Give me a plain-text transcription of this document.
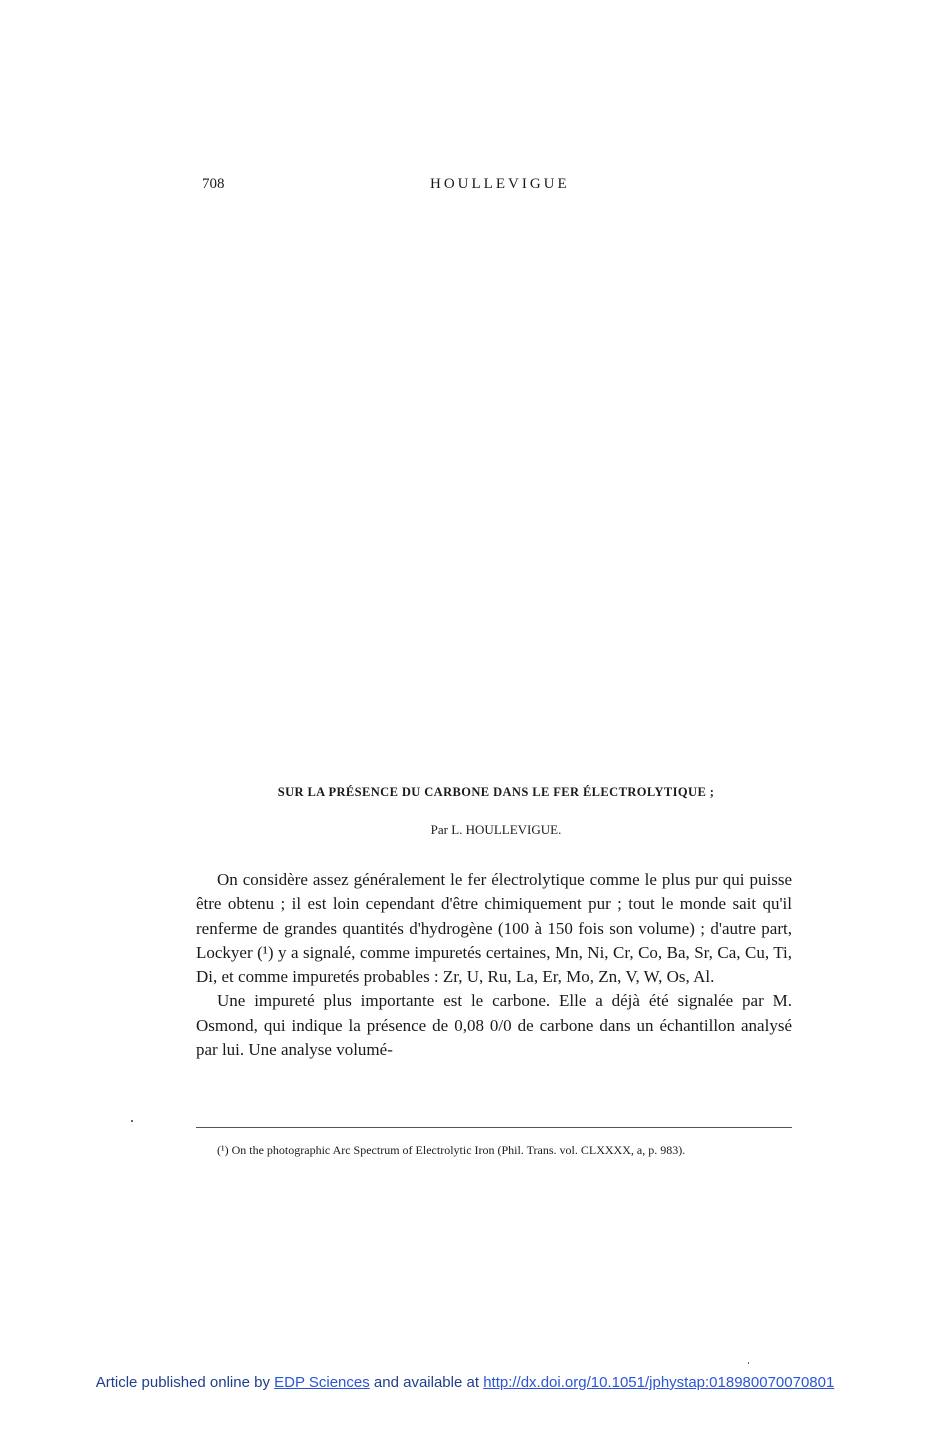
708	HOULLEVIGUE
SUR LA PRÉSENCE DU CARBONE DANS LE FER ÉLECTROLYTIQUE ;
Par L. HOULLEVIGUE.

On considère assez généralement le fer électrolytique comme le plus pur qui puisse être obtenu ; il est loin cependant d'être chimiquement pur ; tout le monde sait qu'il renferme de grandes quantités d'hydrogène (100 à 150 fois son volume) ; d'autre part, Lockyer (¹) y a signalé, comme impuretés certaines, Mn, Ni, Cr, Co, Ba, Sr, Ca, Cu, Ti, Di, et comme impuretés probables : Zr, U, Ru, La, Er, Mo, Zn, V, W, Os, Al.

Une impureté plus importante est le carbone. Elle a déjà été signalée par M. Osmond, qui indique la présence de 0,08 0/0 de carbone dans un échantillon analysé par lui. Une analyse volumé-

(¹) On the photographic Arc Spectrum of Electrolytic Iron (Phil. Trans. vol. CLXXXX, a, p. 983).

Article published online by EDP Sciences and available at http://dx.doi.org/10.1051/jphystap:018980070070801
